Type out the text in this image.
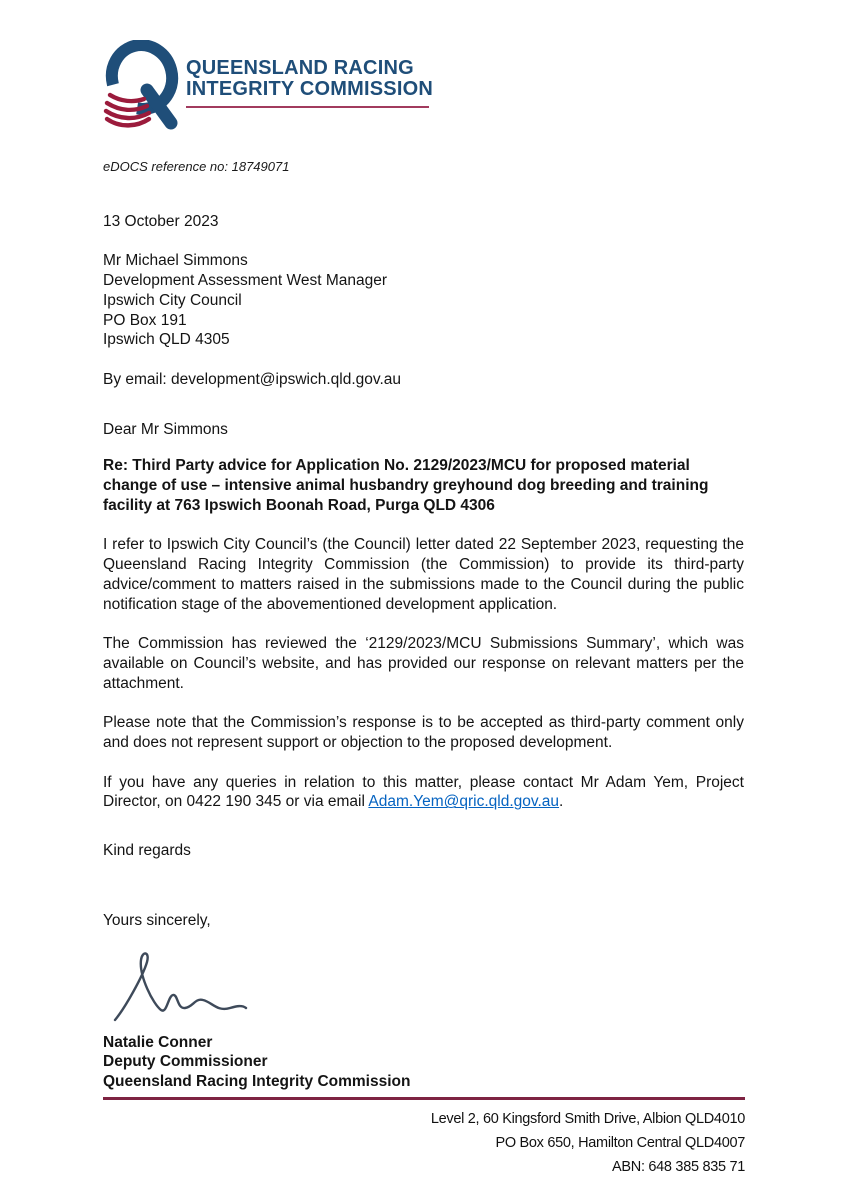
QUEENSLAND RACING
INTEGRITY COMMISSION

eDOCS reference no: 18749071

13 October 2023

Mr Michael Simmons
Development Assessment West Manager
Ipswich City Council
PO Box 191
Ipswich QLD 4305

By email: development@ipswich.qld.gov.au

Dear Mr Simmons

Re: Third Party advice for Application No. 2129/2023/MCU for proposed material change of use – intensive animal husbandry greyhound dog breeding and training facility at 763 Ipswich Boonah Road, Purga QLD 4306

I refer to Ipswich City Council’s (the Council) letter dated 22 September 2023, requesting the Queensland Racing Integrity Commission (the Commission) to provide its third-party advice/comment to matters raised in the submissions made to the Council during the public notification stage of the abovementioned development application.

The Commission has reviewed the ‘2129/2023/MCU Submissions Summary’, which was available on Council’s website, and has provided our response on relevant matters per the attachment.

Please note that the Commission’s response is to be accepted as third-party comment only and does not represent support or objection to the proposed development.

If you have any queries in relation to this matter, please contact Mr Adam Yem, Project Director, on 0422 190 345 or via email Adam.Yem@qric.qld.gov.au.

Kind regards

Yours sincerely,

Natalie Conner
Deputy Commissioner
Queensland Racing Integrity Commission
Level 2, 60 Kingsford Smith Drive, Albion QLD4010
PO Box 650, Hamilton Central QLD4007
ABN: 648 385 835 71
